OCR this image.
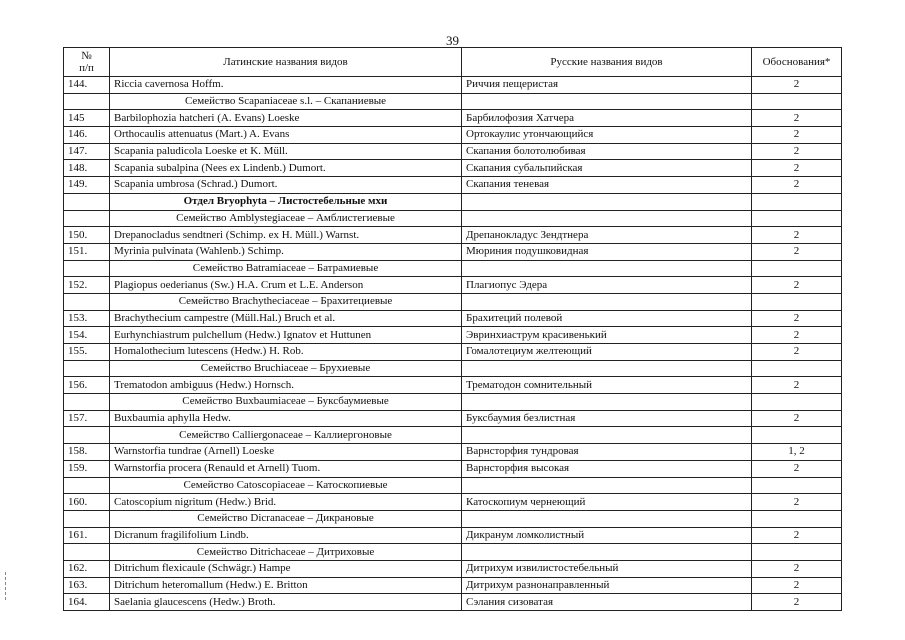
39
№
п/п	Латинские названия видов	Русские названия видов	Обоснования*
144.	Riccia cavernosa Hoffm.	Риччия пещеристая	2
	Семейство Scapaniaceae s.l. – Скапаниевые		
145	Barbilophozia hatcheri (A. Evans) Loeske	Барбилофозия Хатчера	2
146.	Orthocaulis attenuatus (Mart.) A. Evans	Ортокаулис утончающийся	2
147.	Scapania paludicola Loeske et K. Müll.	Скапания болотолюбивая	2
148.	Scapania subalpina (Nees ex Lindenb.) Dumort.	Скапания субальпийская	2
149.	Scapania umbrosa (Schrad.) Dumort.	Скапания теневая	2
	Отдел Bryophyta – Листостебельные мхи		
	Семейство Amblystegiaceae – Амблистегиевые		
150.	Drepanocladus sendtneri (Schimp. ex H. Müll.) Warnst.	Дрепанокладус Зендтнера	2
151.	Myrinia pulvinata (Wahlenb.) Schimp.	Мюриния подушковидная	2
	Семейство Batramiaceae – Батрамиевые		
152.	Plagiopus oederianus (Sw.) H.A. Crum et L.E. Anderson	Плагиопус Эдера	2
	Семейство Brachytheciaceae – Брахитециевые		
153.	Brachythecium campestre (Müll.Hal.) Bruch et al.	Брахитеций полевой	2
154.	Eurhynchiastrum pulchellum (Hedw.) Ignatov et Huttunen	Эвринхиаструм красивенький	2
155.	Homalothecium lutescens (Hedw.) H. Rob.	Гомалотециум желтеющий	2
	Семейство Bruchiaceae – Брухиевые		
156.	Trematodon ambiguus (Hedw.) Hornsch.	Трематодон сомнительный	2
	Семейство Buxbaumiaceae – Буксбаумиевые		
157.	Buxbaumia aphylla Hedw.	Буксбаумия безлистная	2
	Семейство Calliergonaceae – Каллиергоновые		
158.	Warnstorfia tundrae (Arnell) Loeske	Варнсторфия тундровая	1, 2
159.	Warnstorfia procera (Renauld et Arnell) Tuom.	Варнсторфия высокая	2
	Семейство Catoscopiaceae – Катоскопиевые		
160.	Catoscopium nigritum (Hedw.) Brid.	Катоскопиум чернеющий	2
	Семейство Dicranaceae – Дикрановые		
161.	Dicranum fragilifolium Lindb.	Дикранум ломколистный	2
	Семейство Ditrichaceae – Дитриховые		
162.	Ditrichum flexicaule (Schwägr.) Hampe	Дитрихум извилистостебельный	2
163.	Ditrichum heteromallum (Hedw.) E. Britton	Дитрихум разнонаправленный	2
164.	Saelania glaucescens (Hedw.) Broth.	Сэлания сизоватая	2
